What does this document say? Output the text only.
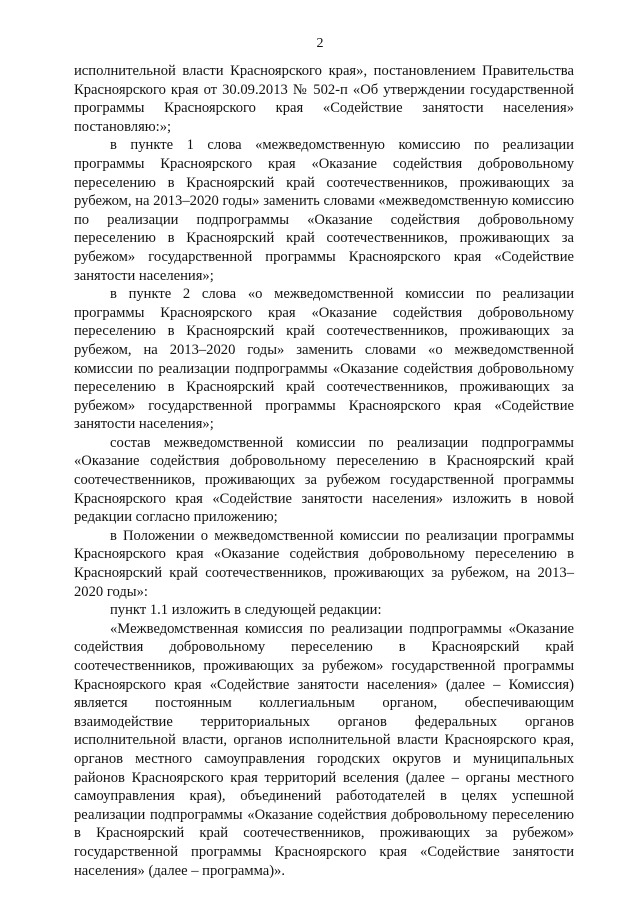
2

исполнительной власти Красноярского края», постановлением Правительства Красноярского края от 30.09.2013 № 502-п «Об утверждении государственной программы Красноярского края «Содействие занятости населения» постановляю:»;

в пункте 1 слова «межведомственную комиссию по реализации программы Красноярского края «Оказание содействия добровольному переселению в Красноярский край соотечественников, проживающих за рубежом, на 2013–2020 годы» заменить словами «межведомственную комиссию по реализации подпрограммы «Оказание содействия добровольному переселению в Красноярский край соотечественников, проживающих за рубежом» государственной программы Красноярского края «Содействие занятости населения»;

в пункте 2 слова «о межведомственной комиссии по реализации программы Красноярского края «Оказание содействия добровольному переселению в Красноярский край соотечественников, проживающих за рубежом, на 2013–2020 годы» заменить словами «о межведомственной комиссии по реализации подпрограммы «Оказание содействия добровольному переселению в Красноярский край соотечественников, проживающих за рубежом» государственной программы Красноярского края «Содействие занятости населения»;

состав межведомственной комиссии по реализации подпрограммы «Оказание содействия добровольному переселению в Красноярский край соотечественников, проживающих за рубежом государственной программы Красноярского края «Содействие занятости населения» изложить в новой редакции согласно приложению;

в Положении о межведомственной комиссии по реализации программы Красноярского края «Оказание содействия добровольному переселению в Красноярский край соотечественников, проживающих за рубежом, на 2013–2020 годы»:

пункт 1.1 изложить в следующей редакции:

«Межведомственная комиссия по реализации подпрограммы «Оказание содействия добровольному переселению в Красноярский край соотечественников, проживающих за рубежом» государственной программы Красноярского края «Содействие занятости населения» (далее – Комиссия) является постоянным коллегиальным органом, обеспечивающим взаимодействие территориальных органов федеральных органов исполнительной власти, органов исполнительной власти Красноярского края, органов местного самоуправления городских округов и муниципальных районов Красноярского края территорий вселения (далее – органы местного самоуправления края), объединений работодателей в целях успешной реализации подпрограммы «Оказание содействия добровольному переселению в Красноярский край соотечественников, проживающих за рубежом» государственной программы Красноярского края «Содействие занятости населения» (далее – программа)».
